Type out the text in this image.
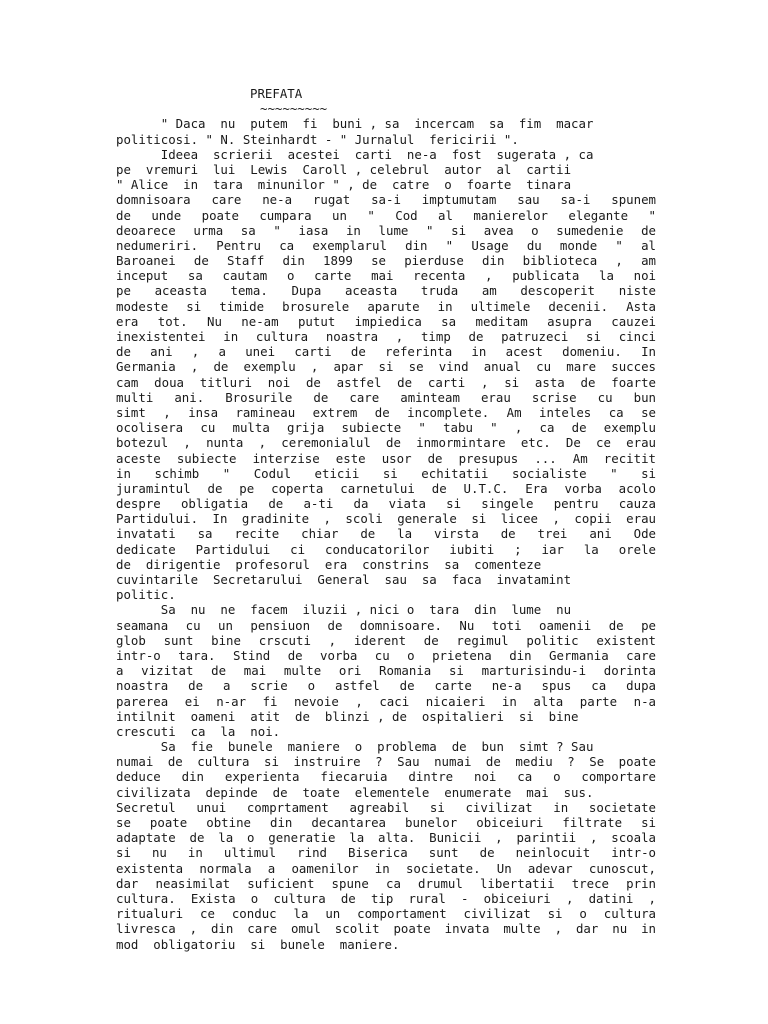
PREFATA
~~~~~~~~~
" Daca  nu  putem  fi  buni , sa  incercam  sa  fim  macar
politicosi. " N. Steinhardt - " Jurnalul  fericirii ".
Ideea  scrierii  acestei  carti  ne-a  fost  sugerata , ca
pe  vremuri  lui  Lewis  Caroll , celebrul  autor  al  cartii
" Alice  in  tara  minunilor " , de  catre  o  foarte  tinara
domnisoara care ne-a rugat sa-i imptumutam sau sa-i spunem
de unde poate cumpara un " Cod al manierelor elegante "
deoarece urma sa " iasa in lume " si avea o sumedenie de
nedumeriri. Pentru ca exemplarul din " Usage du monde " al
Baroanei de Staff din 1899 se pierduse din biblioteca , am
inceput sa cautam o carte mai recenta , publicata la noi
pe aceasta tema. Dupa aceasta truda am descoperit niste
modeste si timide brosurele aparute in ultimele decenii. Asta
era tot. Nu ne-am putut impiedica sa meditam asupra cauzei
inexistentei in cultura noastra , timp de patruzeci si cinci
de ani , a unei carti de referinta in acest domeniu. In
Germania , de exemplu , apar si se vind anual cu mare succes
cam doua titluri noi de astfel de carti , si asta de foarte
multi ani. Brosurile de care aminteam erau scrise cu bun
simt , insa ramineau extrem de incomplete. Am inteles ca se
ocolisera cu multa grija subiecte " tabu " , ca de exemplu
botezul , nunta , ceremonialul de inmormintare etc. De ce erau
aceste subiecte interzise este usor de presupus ... Am recitit
in schimb " Codul eticii si echitatii socialiste " si
juramintul de pe coperta carnetului de U.T.C. Era vorba acolo
despre obligatia de a-ti da viata si singele pentru cauza
Partidului. In gradinite , scoli generale si licee , copii erau
invatati sa recite chiar de la virsta de trei ani Ode
dedicate Partidului ci conducatorilor iubiti ; iar la orele
de  dirigentie  profesorul  era  constrins  sa  comenteze
cuvintarile  Secretarului  General  sau  sa  faca  invatamint
politic.
Sa  nu  ne  facem  iluzii , nici o  tara  din  lume  nu
seamana cu un pensiuon de domnisoare. Nu toti oamenii de pe
glob sunt bine crscuti , iderent de regimul politic existent
intr-o tara. Stind de vorba cu o prietena din Germania care
a vizitat de mai multe ori Romania si marturisindu-i dorinta
noastra de a scrie o astfel de carte ne-a spus ca dupa
parerea ei n-ar fi nevoie , caci nicaieri in alta parte n-a
intilnit  oameni  atit  de  blinzi , de  ospitalieri  si  bine
crescuti  ca  la  noi.
Sa  fie  bunele  maniere  o  problema  de  bun  simt ? Sau
numai de cultura si instruire ? Sau numai de mediu ? Se poate
deduce din experienta fiecaruia dintre noi ca o comportare
civilizata  depinde  de  toate  elementele  enumerate  mai  sus.
Secretul unui comprtament agreabil si civilizat in societate
se poate obtine din decantarea bunelor obiceiuri filtrate si
adaptate de la o generatie la alta. Bunicii , parintii , scoala
si nu in ultimul rind Biserica sunt de neinlocuit intr-o
existenta normala a oamenilor in societate. Un adevar cunoscut,
dar neasimilat suficient spune ca drumul libertatii trece prin
cultura. Exista o cultura de tip rural - obiceiuri , datini ,
ritualuri ce conduc la un comportament civilizat si o cultura
livresca , din care omul scolit poate invata multe , dar nu in
mod  obligatoriu  si  bunele  maniere.
